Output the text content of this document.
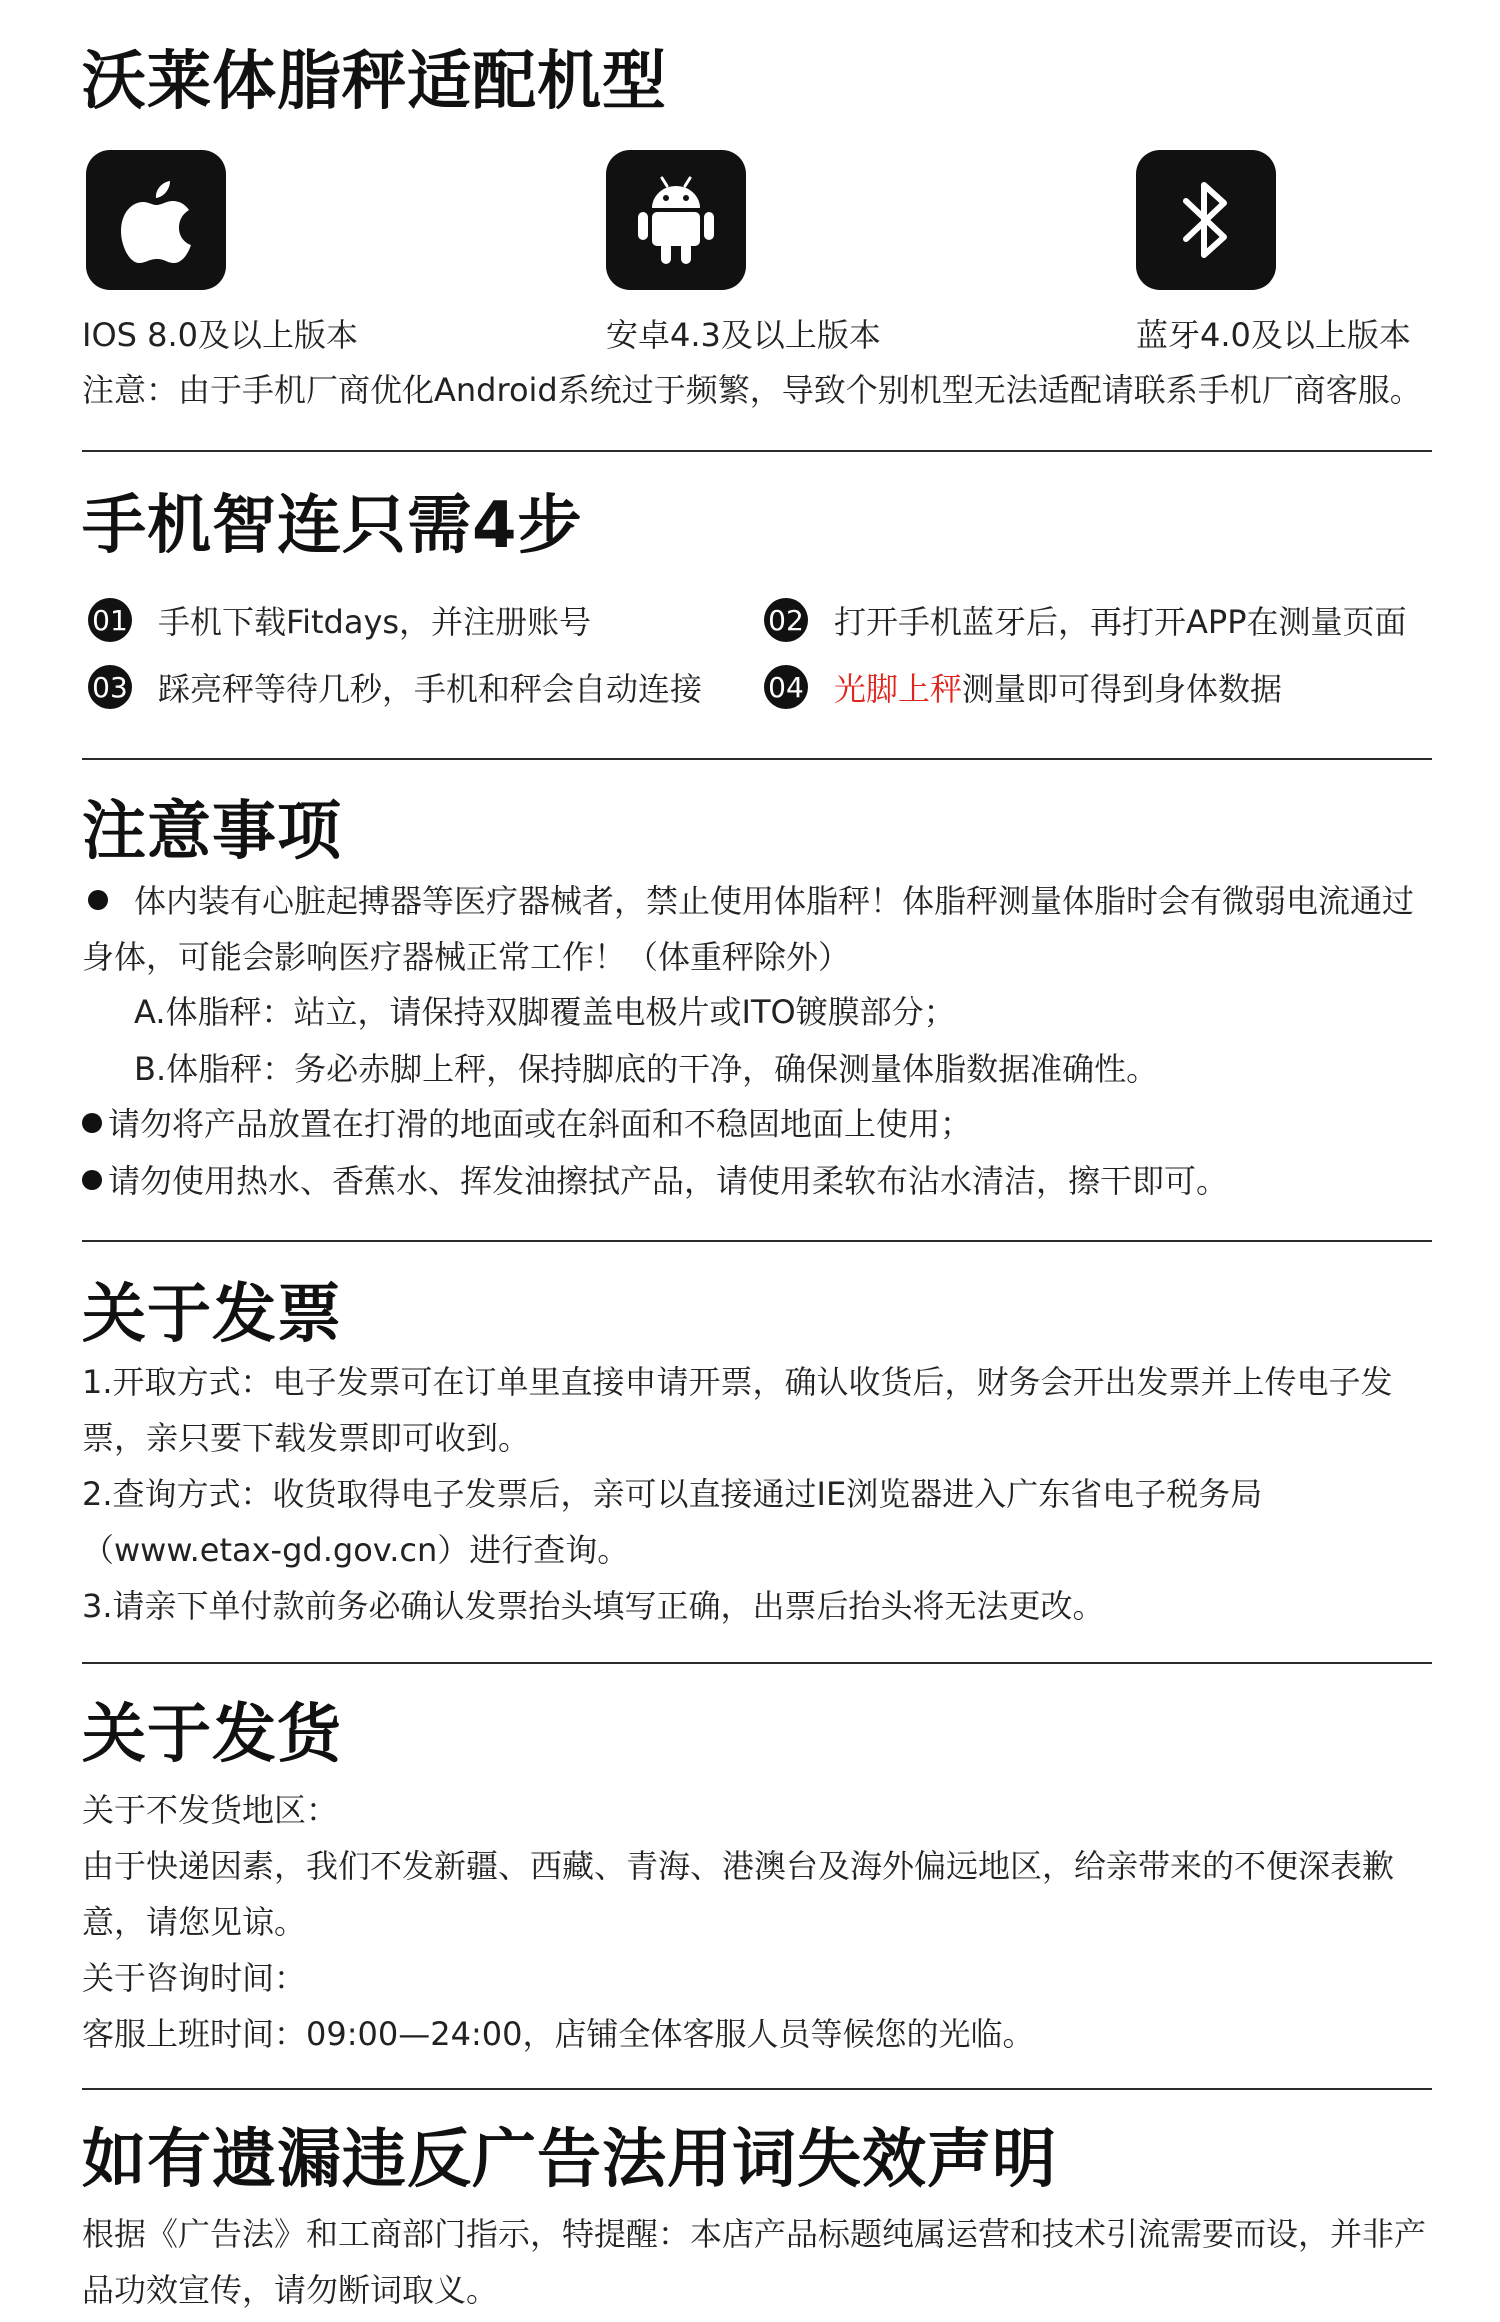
沃莱体脂秤适配机型
IOS 8.0及以上版本	安卓4.3及以上版本	蓝牙4.0及以上版本
注意：由于手机厂商优化Android系统过于频繁，导致个别机型无法适配请联系手机厂商客服。
手机智连只需4步
01 手机下载Fitdays，并注册账号	02 打开手机蓝牙后，再打开APP在测量页面
03 踩亮秤等待几秒，手机和秤会自动连接 04 光脚上秤 测量即可得到身体数据
注意事项
体内装有心脏起搏器等医疗器械者，禁止使用体脂秤！体脂秤测量体脂时会有微弱电流通过身体，可能会影响医疗器械正常工作！（体重秤除外）
A.体脂秤：站立，请保持双脚覆盖电极片或ITO镀膜部分；
B.体脂秤：务必赤脚上秤，保持脚底的干净，确保测量体脂数据准确性。
请勿将产品放置在打滑的地面或在斜面和不稳固地面上使用；
请勿使用热水、香蕉水、挥发油擦拭产品，请使用柔软布沾水清洁，擦干即可。
关于发票
1.开取方式：电子发票可在订单里直接申请开票，确认收货后，财务会开出发票并上传电子发票，亲只要下载发票即可收到。
2.查询方式：收货取得电子发票后，亲可以直接通过IE浏览器进入广东省电子税务局（www.etax-gd.gov.cn）进行查询。
3.请亲下单付款前务必确认发票抬头填写正确，出票后抬头将无法更改。
关于发货
关于不发货地区：
由于快递因素，我们不发新疆、西藏、青海、港澳台及海外偏远地区，给亲带来的不便深表歉意，请您见谅。
关于咨询时间：
客服上班时间：09:00—24:00，店铺全体客服人员等候您的光临。
如有遗漏违反广告法用词失效声明
根据《广告法》和工商部门指示，特提醒：本店产品标题纯属运营和技术引流需要而设，并非产品功效宣传，请勿断词取义。
